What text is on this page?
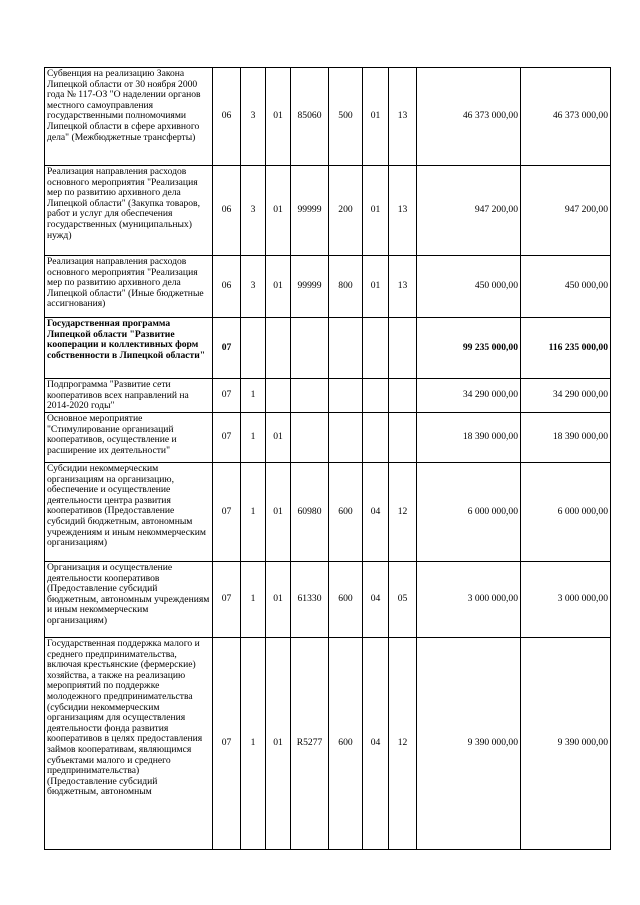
Субвенция на реализацию Закона Липецкой области от 30 ноября 2000 года № 117-ОЗ "О наделении органов местного самоуправления государственными полномочиями Липецкой области в сфере архивного дела" (Межбюджетные трансферты)	06	3	01	85060	500	01	13	46 373 000,00	46 373 000,00
Реализация направления расходов основного мероприятия "Реализация мер по развитию архивного дела Липецкой области" (Закупка товаров, работ и услуг для обеспечения государственных (муниципальных) нужд)	06	3	01	99999	200	01	13	947 200,00	947 200,00
Реализация направления расходов основного мероприятия "Реализация мер по развитию архивного дела Липецкой области" (Иные бюджетные ассигнования)	06	3	01	99999	800	01	13	450 000,00	450 000,00
Государственная программа Липецкой области "Развитие кооперации и коллективных форм собственности в Липецкой области"	07							99 235 000,00	116 235 000,00
Подпрограмма "Развитие сети кооперативов всех направлений на 2014-2020 годы"	07	1						34 290 000,00	34 290 000,00
Основное мероприятие "Стимулирование организаций кооперативов, осуществление и расширение их деятельности"	07	1	01					18 390 000,00	18 390 000,00
Субсидии некоммерческим организациям на организацию, обеспечение и осуществление деятельности центра развития кооперативов (Предоставление субсидий бюджетным, автономным учреждениям и иным некоммерческим организациям)	07	1	01	60980	600	04	12	6 000 000,00	6 000 000,00
Организация и осуществление деятельности кооперативов (Предоставление субсидий бюджетным, автономным учреждениям и иным некоммерческим организациям)	07	1	01	61330	600	04	05	3 000 000,00	3 000 000,00
Государственная поддержка малого и среднего предпринимательства, включая крестьянские (фермерские) хозяйства, а также на реализацию мероприятий по поддержке молодежного предпринимательства (субсидии некоммерческим организациям для осуществления деятельности фонда развития кооперативов в целях предоставления займов кооперативам, являющимся субъектами малого и среднего предпринимательства) (Предоставление субсидий бюджетным, автономным	07	1	01	R5277	600	04	12	9 390 000,00	9 390 000,00
